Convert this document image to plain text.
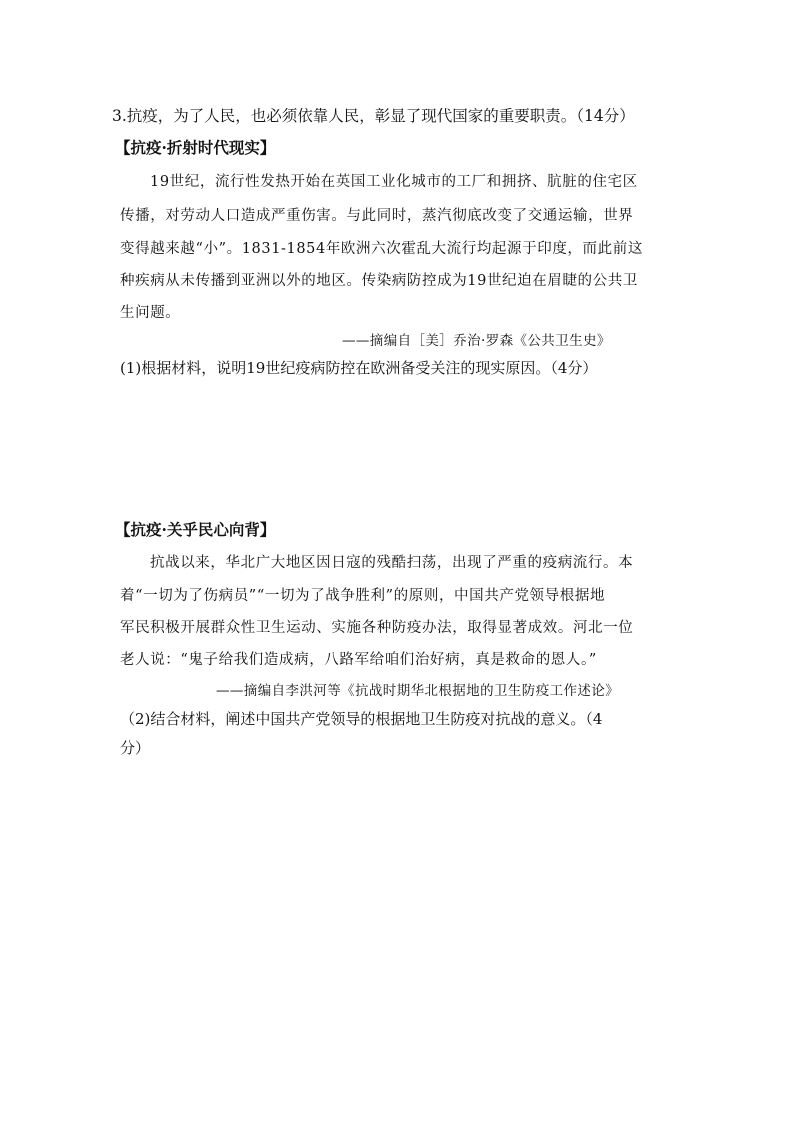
3.抗疫，为了人民，也必须依靠人民，彰显了现代国家的重要职责。（14分）
【抗疫·折射时代现实】
19世纪，流行性发热开始在英国工业化城市的工厂和拥挤、肮脏的住宅区
传播，对劳动人口造成严重伤害。与此同时，蒸汽彻底改变了交通运输，世界
变得越来越“小”。1831-1854年欧洲六次霍乱大流行均起源于印度，而此前这
种疾病从未传播到亚洲以外的地区。传染病防控成为19世纪迫在眉睫的公共卫
生问题。
——摘编自［美］乔治·罗森《公共卫生史》
(1)根据材料，说明19世纪疫病防控在欧洲备受关注的现实原因。（4分）
【抗疫·关乎民心向背】
抗战以来，华北广大地区因日寇的残酷扫荡，出现了严重的疫病流行。本
着“一切为了伤病员”“一切为了战争胜利”的原则，中国共产党领导根据地
军民积极开展群众性卫生运动、实施各种防疫办法，取得显著成效。河北一位
老人说：“鬼子给我们造成病，八路军给咱们治好病，真是救命的恩人。”
——摘编自李洪河等《抗战时期华北根据地的卫生防疫工作述论》
（2)结合材料，阐述中国共产党领导的根据地卫生防疫对抗战的意义。（4
分）
